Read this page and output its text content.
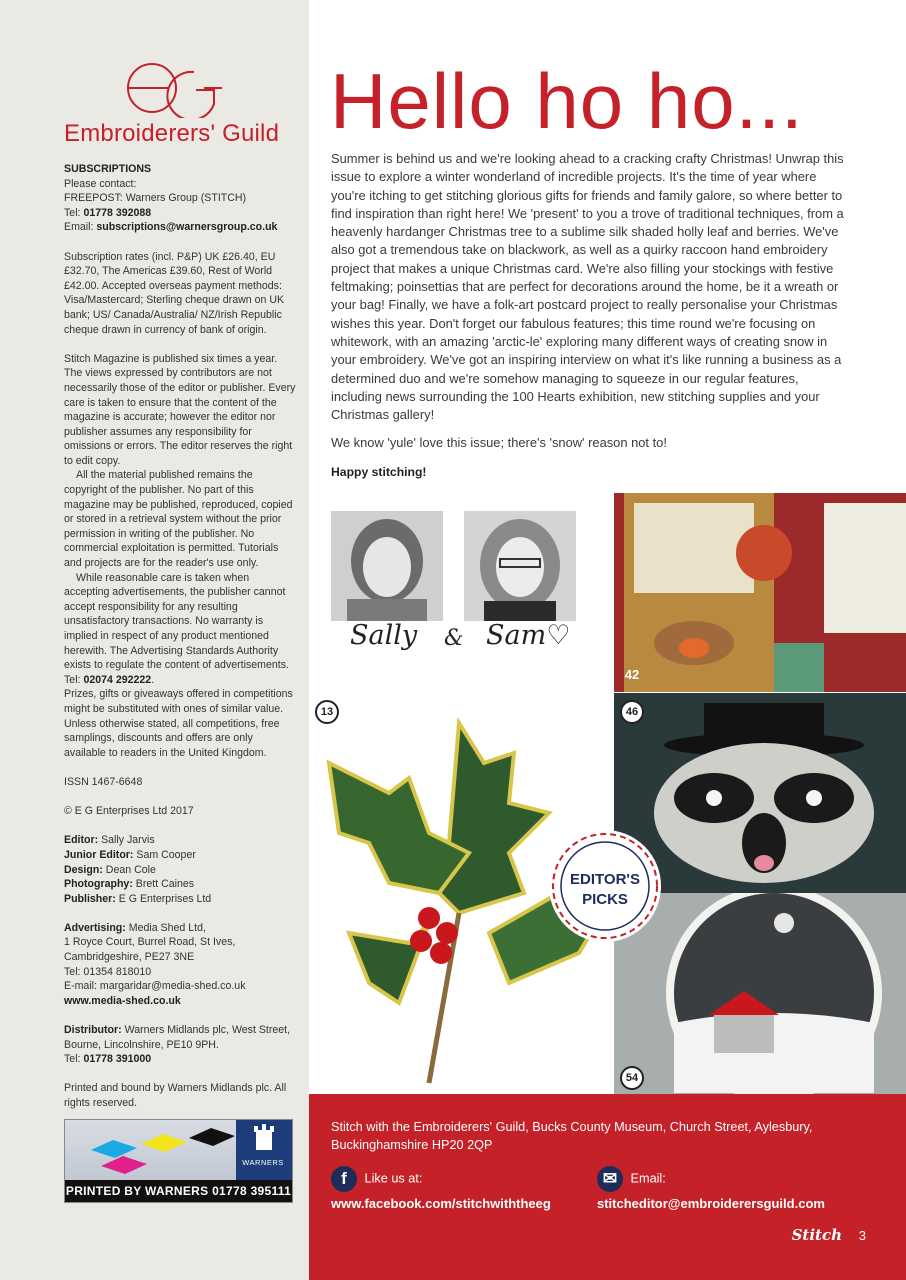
Embroiderers' Guild

SUBSCRIPTIONS

Please contact:

FREEPOST: Warners Group (STITCH)

Tel: 01778 392088

Email: subscriptions@warnersgroup.co.uk

Subscription rates (incl. P&P) UK £26.40, EU £32.70, The Americas £39.60, Rest of World £42.00. Accepted overseas payment methods: Visa/Mastercard; Sterling cheque drawn on UK bank; US/ Canada/Australia/ NZ/Irish Republic cheque drawn in currency of bank of origin.

Stitch Magazine is published six times a year. The views expressed by contributors are not necessarily those of the editor or publisher. Every care is taken to ensure that the content of the magazine is accurate; however the editor nor publisher assumes any responsibility for omissions or errors. The editor reserves the right to edit copy.

All the material published remains the copyright of the publisher. No part of this magazine may be published, reproduced, copied or stored in a retrieval system without the prior permission in writing of the publisher. No commercial exploitation is permitted. Tutorials and projects are for the reader's use only.

While reasonable care is taken when accepting advertisements, the publisher cannot accept responsibility for any resulting unsatisfactory transactions. No warranty is implied in respect of any product mentioned herewith. The Advertising Standards Authority exists to regulate the content of advertisements.

Tel: 02074 292222.

Prizes, gifts or giveaways offered in competitions might be substituted with ones of similar value. Unless otherwise stated, all competitions, free samplings, discounts and offers are only available to readers in the United Kingdom.

ISSN 1467-6648

© E G Enterprises Ltd 2017

Editor: Sally Jarvis

Junior Editor: Sam Cooper

Design: Dean Cole

Photography: Brett Caines

Publisher: E G Enterprises Ltd

Advertising: Media Shed Ltd,

1 Royce Court, Burrel Road, St Ives, Cambridgeshire, PE27 3NE

Tel: 01354 818010

E-mail: margaridar@media-shed.co.uk

www.media-shed.co.uk

Distributor: Warners Midlands plc, West Street, Bourne, Lincolnshire, PE10 9PH.

Tel: 01778 391000

Printed and bound by Warners Midlands plc. All rights reserved.

WARNERS
PRINTED BY WARNERS 01778 395111
Hello ho ho...

Summer is behind us and we're looking ahead to a cracking crafty Christmas! Unwrap this issue to explore a winter wonderland of incredible projects. It's the time of year where you're itching to get stitching glorious gifts for friends and family galore, so where better to find inspiration than right here! We 'present' to you a trove of traditional techniques, from a heavenly hardanger Christmas tree to a sublime silk shaded holly leaf and berries. We've also got a tremendous take on blackwork, as well as a quirky raccoon hand embroidery project that makes a unique Christmas card. We're also filling your stockings with festive feltmaking; poinsettias that are perfect for decorations around the home, be it a wreath or your bag! Finally, we have a folk-art postcard project to really personalise your Christmas wishes this year. Don't forget our fabulous features; this time round we're focusing on whitework, with an amazing 'arctic-le' exploring many different ways of creating snow in your embroidery. We've got an inspiring interview on what it's like running a business as a determined duo and we're somehow managing to squeeze in our regular features, including news surrounding the 100 Hearts exhibition, new stitching supplies and your Christmas gallery!

We know 'yule' love this issue; there's 'snow' reason not to!

Happy stitching!

Sally & Sam♡
42
13	46
54
EDITOR'S
PICKS
Stitch with the Embroiderers' Guild, Bucks County Museum, Church Street, Aylesbury, Buckinghamshire HP20 2QP
f Like us at:
www.facebook.com/stitchwiththeeg
✉ Email:
stitcheditor@embroiderersguild.com
Stitch 3
